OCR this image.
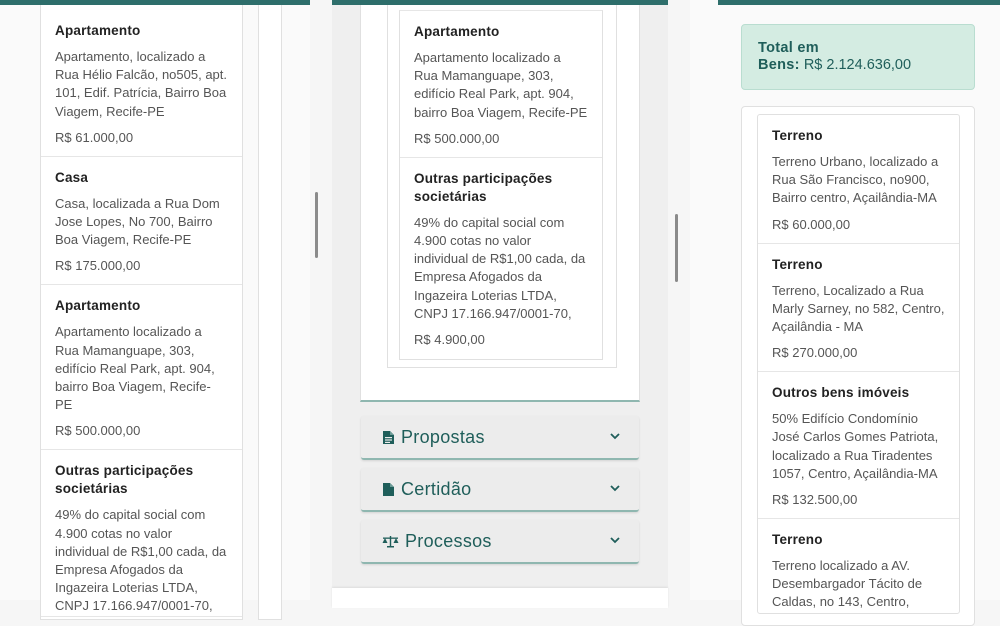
Apartamento
Apartamento, localizado a Rua Hélio Falcão, no505, apt. 101, Edif. Patrícia, Bairro Boa Viagem, Recife-PE
R$ 61.000,00
Casa
Casa, localizada a Rua Dom Jose Lopes, No 700, Bairro Boa Viagem, Recife-PE
R$ 175.000,00
Apartamento
Apartamento localizado a Rua Mamanguape, 303, edifício Real Park, apt. 904, bairro Boa Viagem, Recife-PE
R$ 500.000,00
Outras participações societárias
49% do capital social com 4.900 cotas no valor individual de R$1,00 cada, da Empresa Afogados da Ingazeira Loterias LTDA, CNPJ 17.166.947/0001-70,
Apartamento
Apartamento localizado a Rua Mamanguape, 303, edifício Real Park, apt. 904, bairro Boa Viagem, Recife-PE
R$ 500.000,00
Outras participações societárias
49% do capital social com 4.900 cotas no valor individual de R$1,00 cada, da Empresa Afogados da Ingazeira Loterias LTDA, CNPJ 17.166.947/0001-70,
R$ 4.900,00
Propostas
Certidão
Processos
Total em
Bens: R$ 2.124.636,00
Terreno
Terreno Urbano, localizado a Rua São Francisco, no900, Bairro centro, Açailândia-MA
R$ 60.000,00
Terreno
Terreno, Localizado a Rua Marly Sarney, no 582, Centro, Açailândia - MA
R$ 270.000,00
Outros bens imóveis
50% Edifício Condomínio José Carlos Gomes Patriota, localizado a Rua Tiradentes 1057, Centro, Açailândia-MA
R$ 132.500,00
Terreno
Terreno localizado a AV. Desembargador Tácito de Caldas, no 143, Centro,
